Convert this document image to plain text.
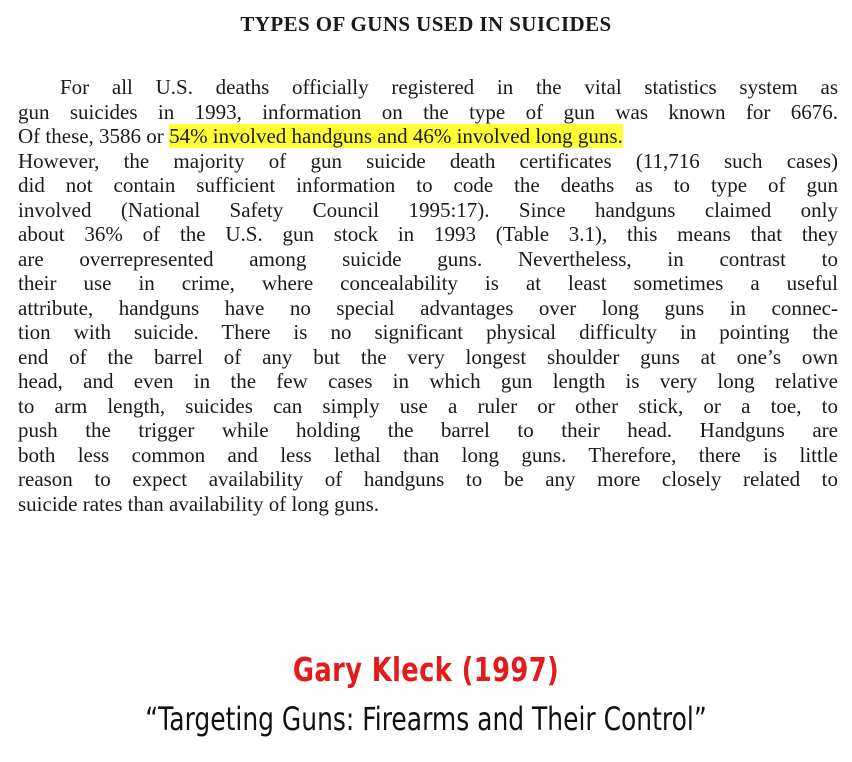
TYPES OF GUNS USED IN SUICIDES
For all U.S. deaths officially registered in the vital statistics system as
gun suicides in 1993, information on the type of gun was known for 6676.
Of these, 3586 or 54% involved handguns and 46% involved long guns.
However, the majority of gun suicide death certificates (11,716 such cases)
did not contain sufficient information to code the deaths as to type of gun
involved (National Safety Council 1995:17). Since handguns claimed only
about 36% of the U.S. gun stock in 1993 (Table 3.1), this means that they
are overrepresented among suicide guns. Nevertheless, in contrast to
their use in crime, where concealability is at least sometimes a useful
attribute, handguns have no special advantages over long guns in connec-
tion with suicide. There is no significant physical difficulty in pointing the
end of the barrel of any but the very longest shoulder guns at one’s own
head, and even in the few cases in which gun length is very long relative
to arm length, suicides can simply use a ruler or other stick, or a toe, to
push the trigger while holding the barrel to their head. Handguns are
both less common and less lethal than long guns. Therefore, there is little
reason to expect availability of handguns to be any more closely related to
suicide rates than availability of long guns.
Gary Kleck (1997)
“Targeting Guns: Firearms and Their Control”
